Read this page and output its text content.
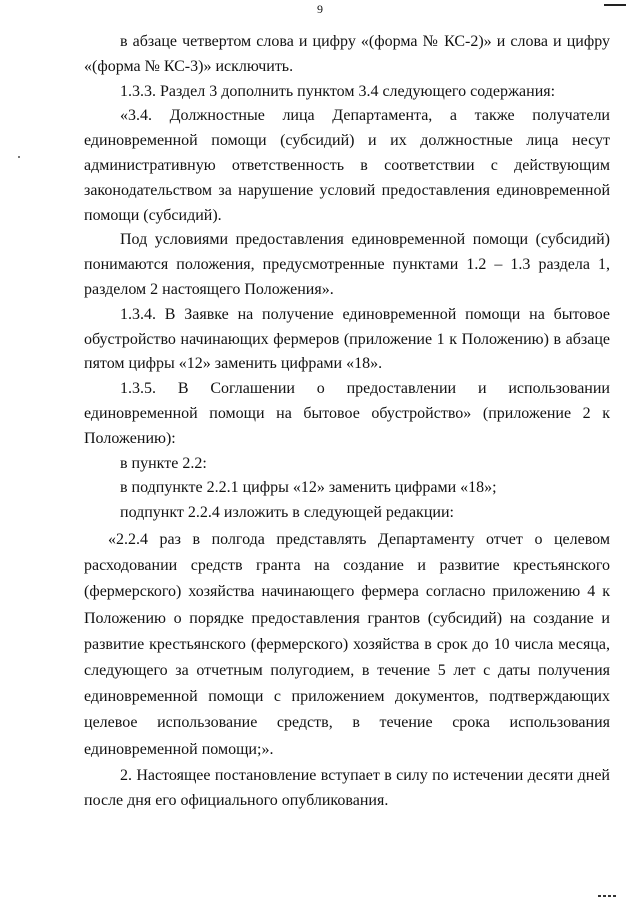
9

в абзаце четвертом слова и цифру «(форма № КС-2)» и слова и цифру «(форма № КС-3)» исключить.

1.3.3. Раздел 3 дополнить пунктом 3.4 следующего содержания:

«3.4. Должностные лица Департамента, а также получатели единовременной помощи (субсидий) и их должностные лица несут административную ответственность в соответствии с действующим законодательством за нарушение условий предоставления единовременной помощи (субсидий).

Под условиями предоставления единовременной помощи (субсидий) понимаются положения, предусмотренные пунктами 1.2 – 1.3 раздела 1, разделом 2 настоящего Положения».

1.3.4. В Заявке на получение единовременной помощи на бытовое обустройство начинающих фермеров (приложение 1 к Положению) в абзаце пятом цифры «12» заменить цифрами «18».

1.3.5. В Соглашении о предоставлении и использовании единовременной помощи на бытовое обустройство» (приложение 2 к Положению):

в пункте 2.2:

в подпункте 2.2.1 цифры «12» заменить цифрами «18»;

подпункт 2.2.4 изложить в следующей редакции:

«2.2.4 раз в полгода представлять Департаменту отчет о целевом расходовании средств гранта на создание и развитие крестьянского (фермерского) хозяйства начинающего фермера согласно приложению 4 к Положению о порядке предоставления грантов (субсидий) на создание и развитие крестьянского (фермерского) хозяйства в срок до 10 числа месяца, следующего за отчетным полугодием, в течение 5 лет с даты получения единовременной помощи с приложением документов, подтверждающих целевое использование средств, в течение срока использования единовременной помощи;».

2. Настоящее постановление вступает в силу по истечении десяти дней после дня его официального опубликования.
